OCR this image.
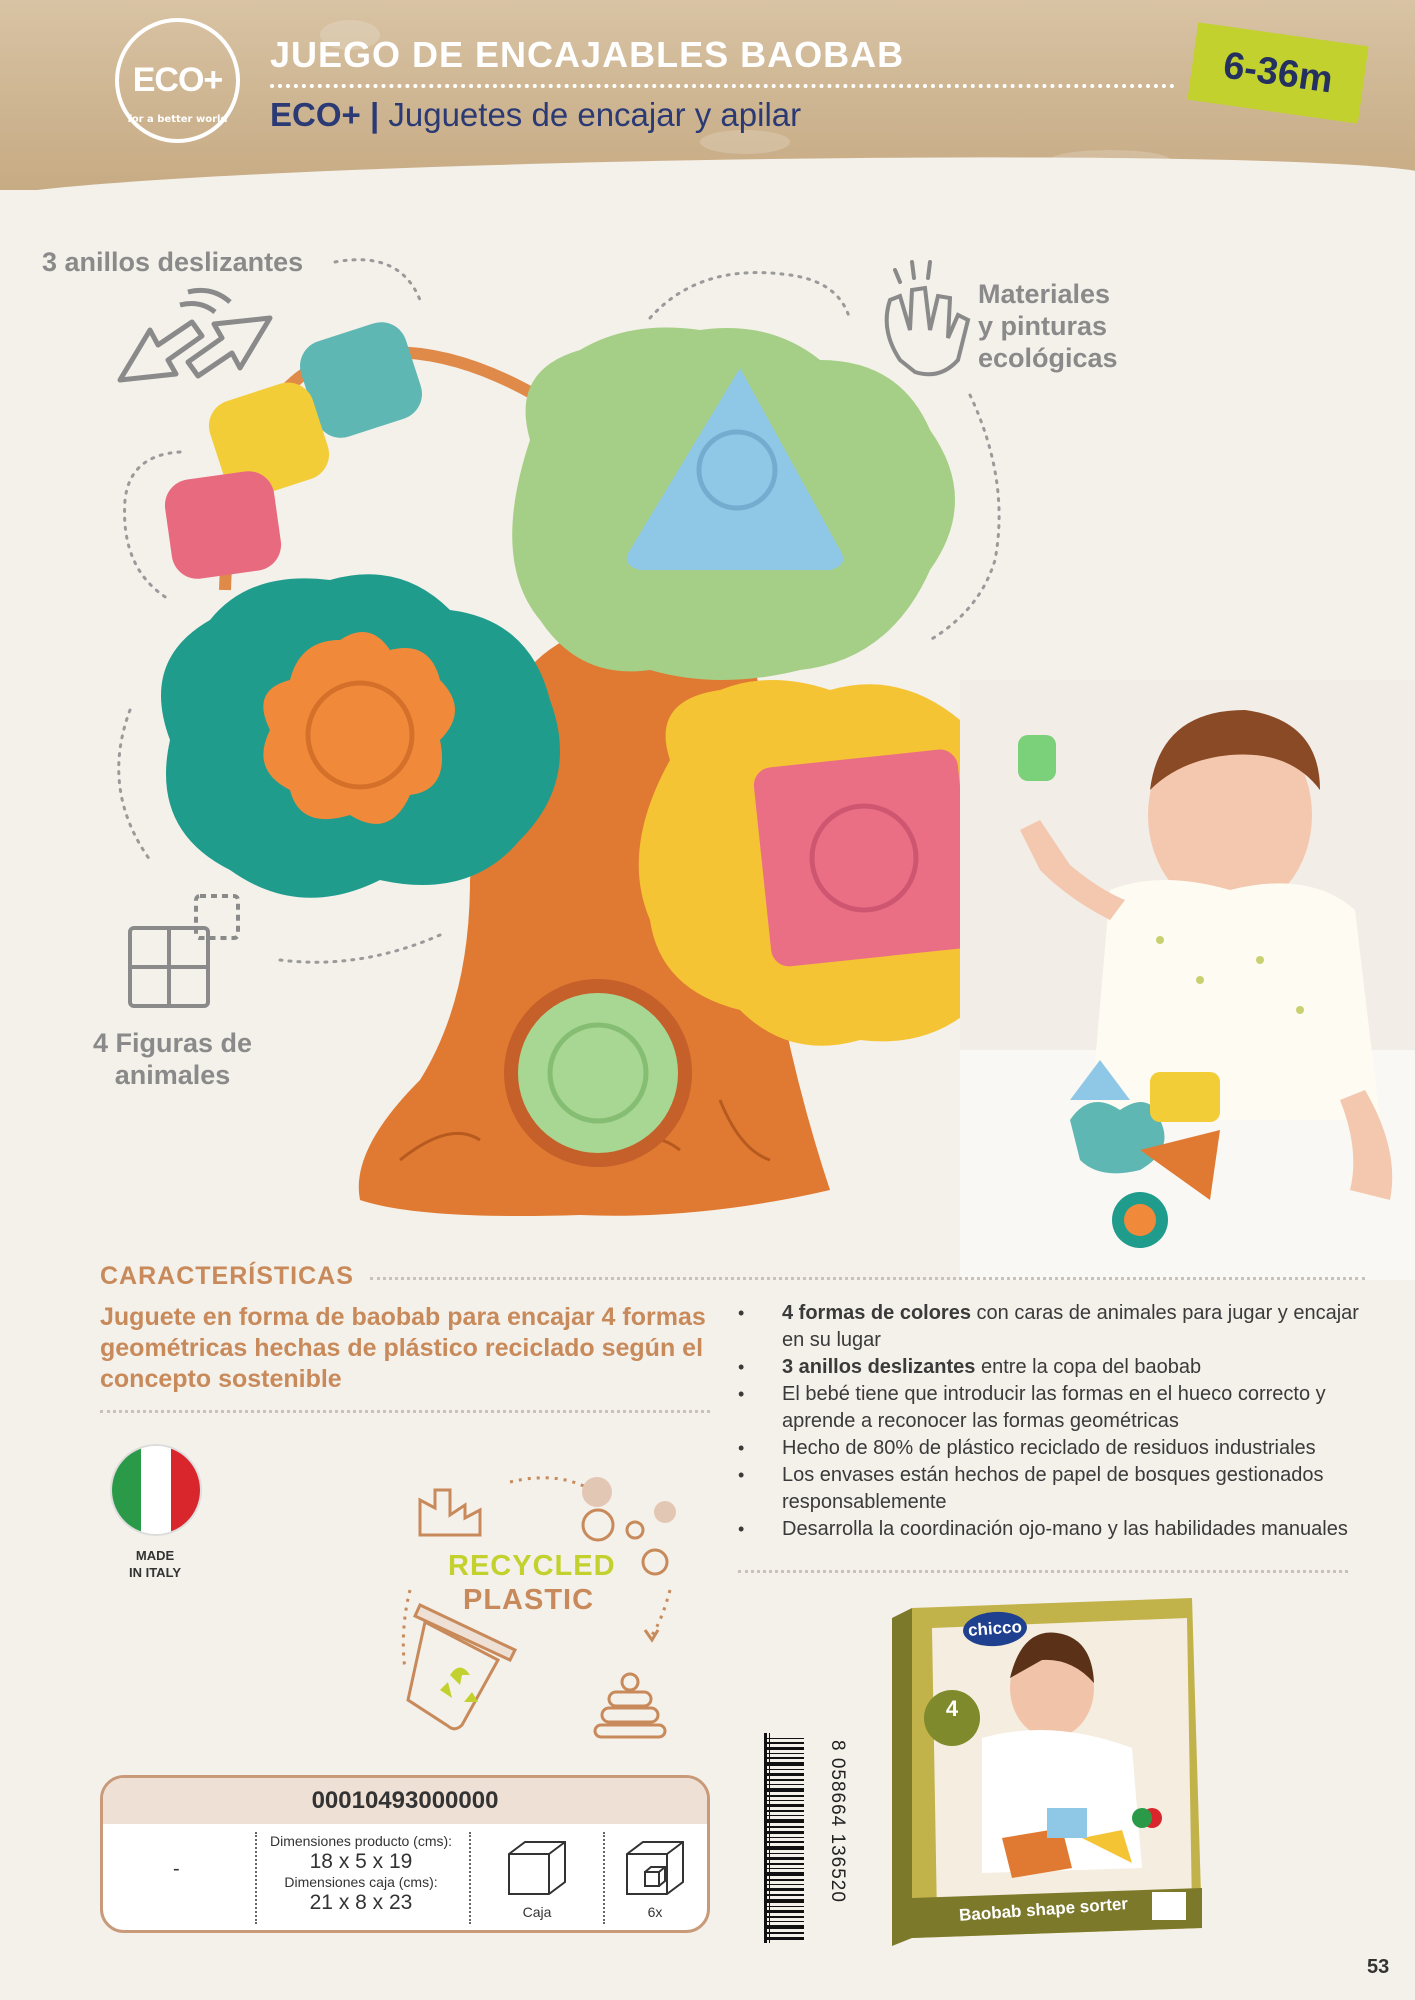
ECO+
for a better world
JUEGO DE ENCAJABLES BAOBAB
ECO+ | Juguetes de encajar y apilar
6-36m
3 anillos deslizantes
Materiales
y pinturas
ecológicas
4 Figuras de
animales
CARACTERÍSTICAS
Juguete en forma de baobab para encajar 4 formas geométricas hechas de plástico reciclado según el concepto sostenible
• 4 formas de colores con caras de animales para jugar y encajar en su lugar
• 3 anillos deslizantes entre la copa del baobab
• El bebé tiene que introducir las formas en el hueco correcto y aprende a reconocer las formas geométricas
• Hecho de 80% de plástico reciclado de residuos industriales
• Los envases están hechos de papel de bosques gestionados responsablemente
• Desarrolla la coordinación ojo-mano y las habilidades manuales
MADE
IN ITALY	RECYCLED
PLASTIC
00010493000000
-
Dimensiones producto (cms):
18 x 5 x 19
Dimensiones caja (cms):
21 x 8 x 23	Caja	6x
8 058664 136520
4
chicco
Baobab shape sorter
53
